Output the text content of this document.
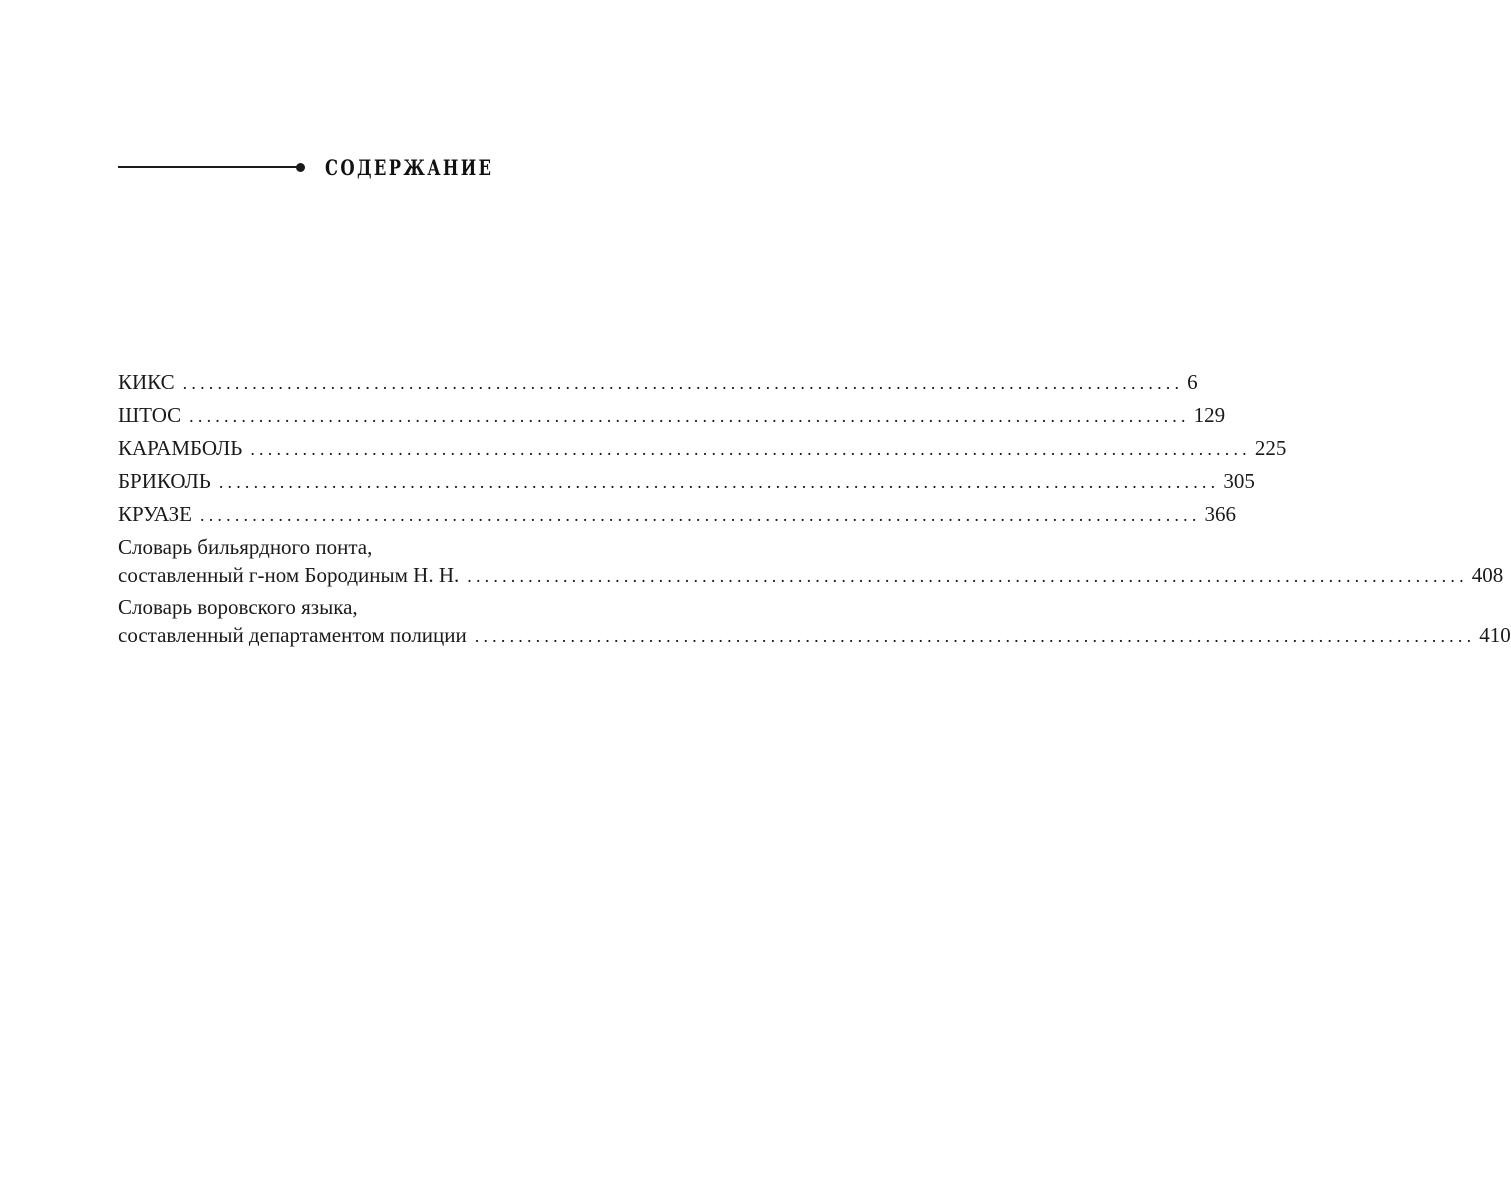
СОДЕРЖАНИЕ
КИКС ................................................................................................................... 6
ШТОС ................................................................................................................... 129
КАРАМБОЛЬ ................................................................................................................... 225
БРИКОЛЬ ................................................................................................................... 305
КРУАЗЕ ................................................................................................................... 366
Словарь бильярдного понта,
составленный г-ном Бородиным Н. Н. ................................................................................................................... 408
Словарь воровского языка,
составленный департаментом полиции ................................................................................................................... 410
